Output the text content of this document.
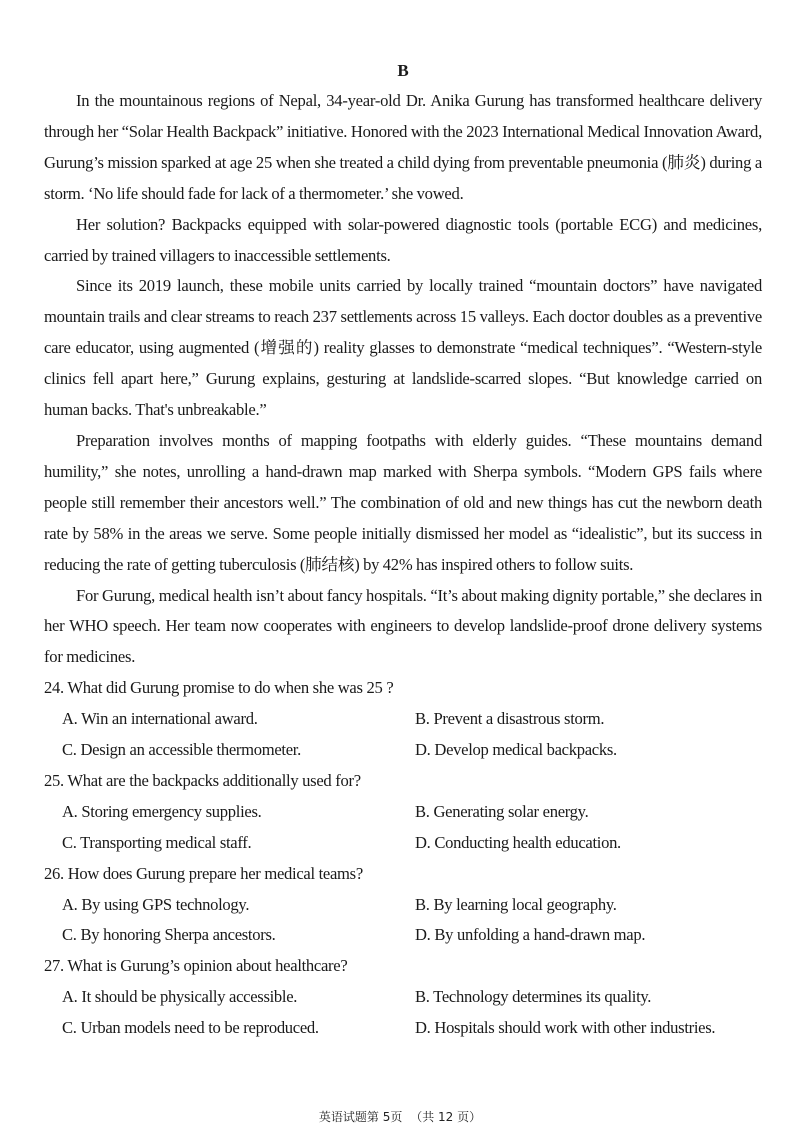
B

In the mountainous regions of Nepal, 34-year-old Dr. Anika Gurung has transformed healthcare delivery through her “Solar Health Backpack” initiative. Honored with the 2023 International Medical Innovation Award, Gurung’s mission sparked at age 25 when she treated a child dying from preventable pneumonia (肺炎) during a storm. ‘No life should fade for lack of a thermometer.’ she vowed.

Her solution? Backpacks equipped with solar-powered diagnostic tools (portable ECG) and medicines, carried by trained villagers to inaccessible settlements.

Since its 2019 launch, these mobile units carried by locally trained “mountain doctors” have navigated mountain trails and clear streams to reach 237 settlements across 15 valleys. Each doctor doubles as a preventive care educator, using augmented (增强的) reality glasses to demonstrate “medical techniques”. “Western-style clinics fell apart here,” Gurung explains, gesturing at landslide-scarred slopes. “But knowledge carried on human backs. That's unbreakable.”

Preparation involves months of mapping footpaths with elderly guides. “These mountains demand humility,” she notes, unrolling a hand-drawn map marked with Sherpa symbols. “Modern GPS fails where people still remember their ancestors well.” The combination of old and new things has cut the newborn death rate by 58% in the areas we serve. Some people initially dismissed her model as “idealistic”, but its success in reducing the rate of getting tuberculosis (肺结核) by 42% has inspired others to follow suits.

For Gurung, medical health isn’t about fancy hospitals. “It’s about making dignity portable,” she declares in her WHO speech. Her team now cooperates with engineers to develop landslide-proof drone delivery systems for medicines.

24. What did Gurung promise to do when she was 25 ?

A. Win an international award.	B. Prevent a disastrous storm.
C. Design an accessible thermometer.	D. Develop medical backpacks.

25. What are the backpacks additionally used for?

A. Storing emergency supplies.	B. Generating solar energy.
C. Transporting medical staff.	D. Conducting health education.

26. How does Gurung prepare her medical teams?

A. By using GPS technology.	B. By learning local geography.
C. By honoring Sherpa ancestors.	D. By unfolding a hand-drawn map.

27. What is Gurung’s opinion about healthcare?

A. It should be physically accessible.	B. Technology determines its quality.
C. Urban models need to be reproduced.	D. Hospitals should work with other industries.
英语试题第 5页 （共 12 页）
